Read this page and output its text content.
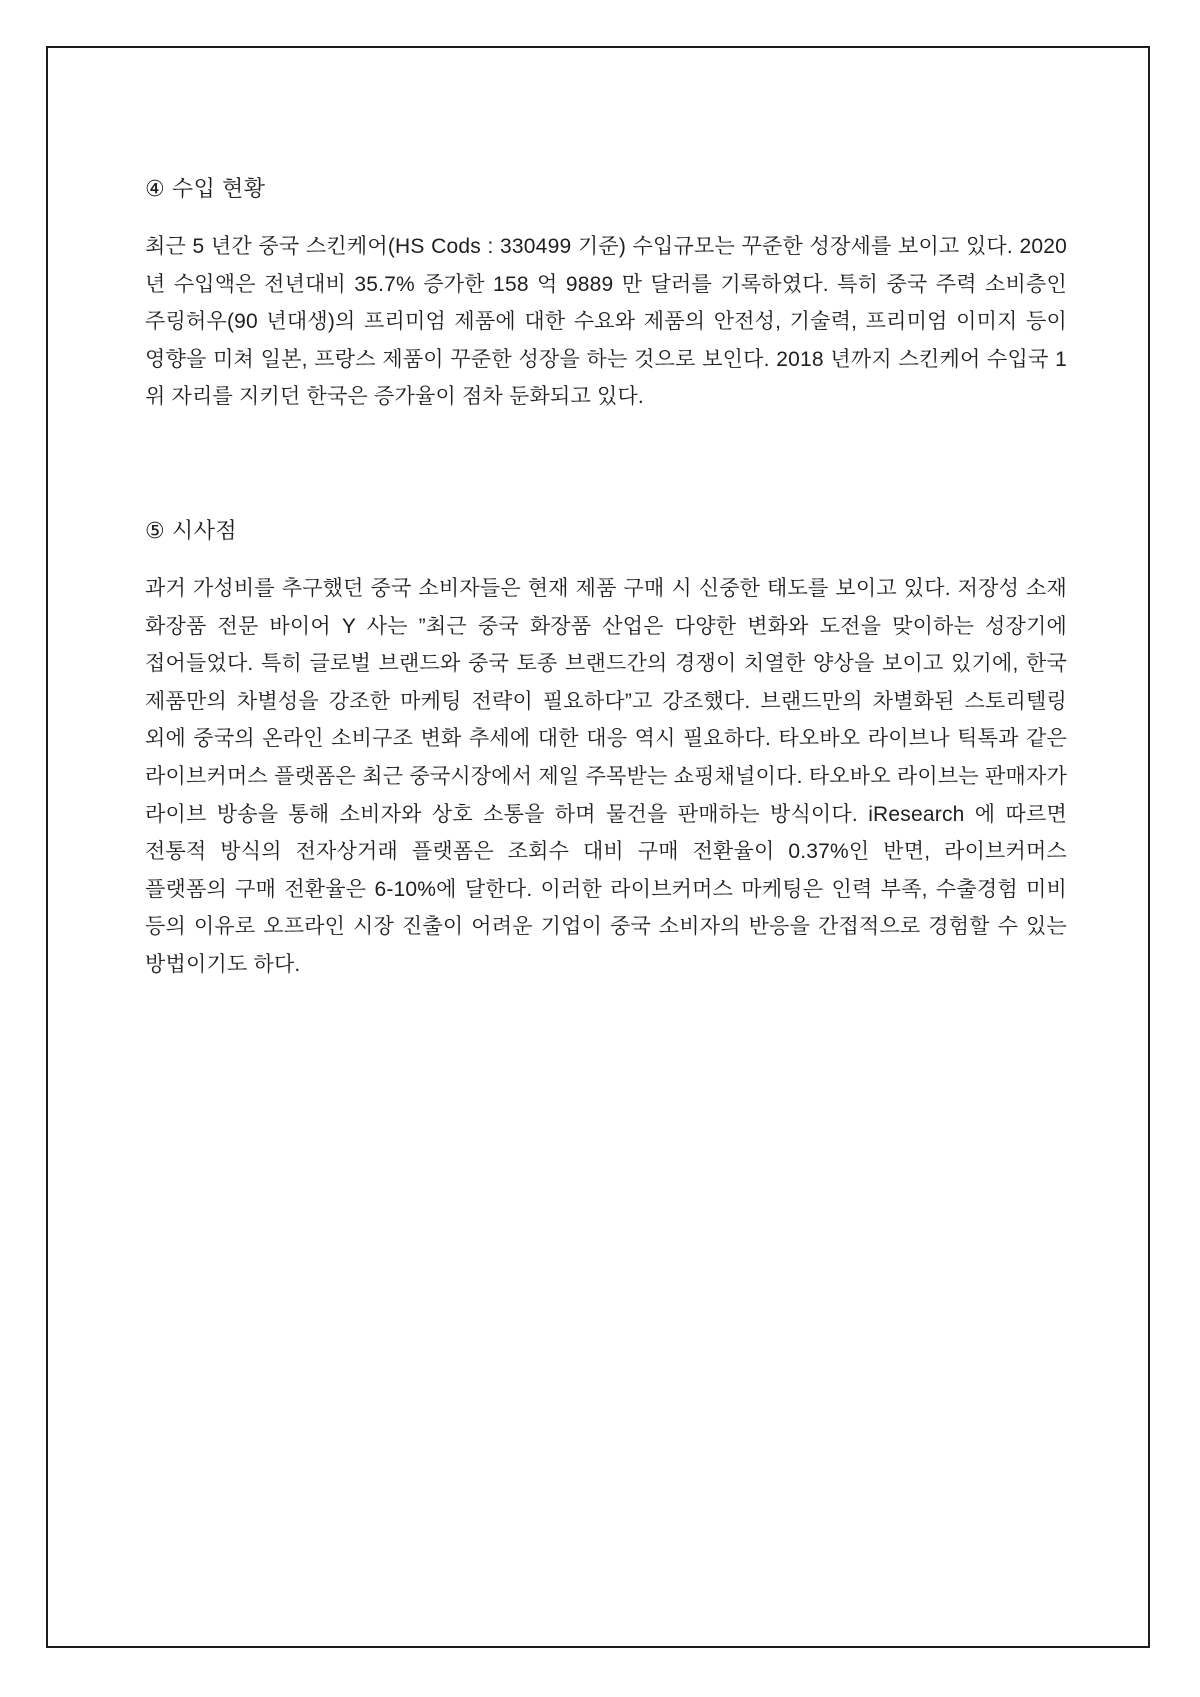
④ 수입 현황

최근 5 년간 중국 스킨케어(HS Cods : 330499 기준) 수입규모는 꾸준한 성장세를 보이고 있다. 2020 년 수입액은 전년대비 35.7% 증가한 158 억 9889 만 달러를 기록하였다. 특히 중국 주력 소비층인 주링허우(90 년대생)의 프리미엄 제품에 대한 수요와 제품의 안전성, 기술력, 프리미엄 이미지 등이 영향을 미쳐 일본, 프랑스 제품이 꾸준한 성장을 하는 것으로 보인다. 2018 년까지 스킨케어 수입국 1 위 자리를 지키던 한국은 증가율이 점차 둔화되고 있다.

⑤ 시사점

과거 가성비를 추구했던 중국 소비자들은 현재 제품 구매 시 신중한 태도를 보이고 있다. 저장성 소재 화장품 전문 바이어 Y 사는 ”최근 중국 화장품 산업은 다양한 변화와 도전을 맞이하는 성장기에 접어들었다. 특히 글로벌 브랜드와 중국 토종 브랜드간의 경쟁이 치열한 양상을 보이고 있기에, 한국 제품만의 차별성을 강조한 마케팅 전략이 필요하다”고 강조했다. 브랜드만의 차별화된 스토리텔링 외에 중국의 온라인 소비구조 변화 추세에 대한 대응 역시 필요하다. 타오바오 라이브나 틱톡과 같은 라이브커머스 플랫폼은 최근 중국시장에서 제일 주목받는 쇼핑채널이다. 타오바오 라이브는 판매자가 라이브 방송을 통해 소비자와 상호 소통을 하며 물건을 판매하는 방식이다. iResearch 에 따르면 전통적 방식의 전자상거래 플랫폼은 조회수 대비 구매 전환율이 0.37%인 반면, 라이브커머스 플랫폼의 구매 전환율은 6-10%에 달한다. 이러한 라이브커머스 마케팅은 인력 부족, 수출경험 미비 등의 이유로 오프라인 시장 진출이 어려운 기업이 중국 소비자의 반응을 간접적으로 경험할 수 있는 방법이기도 하다.
